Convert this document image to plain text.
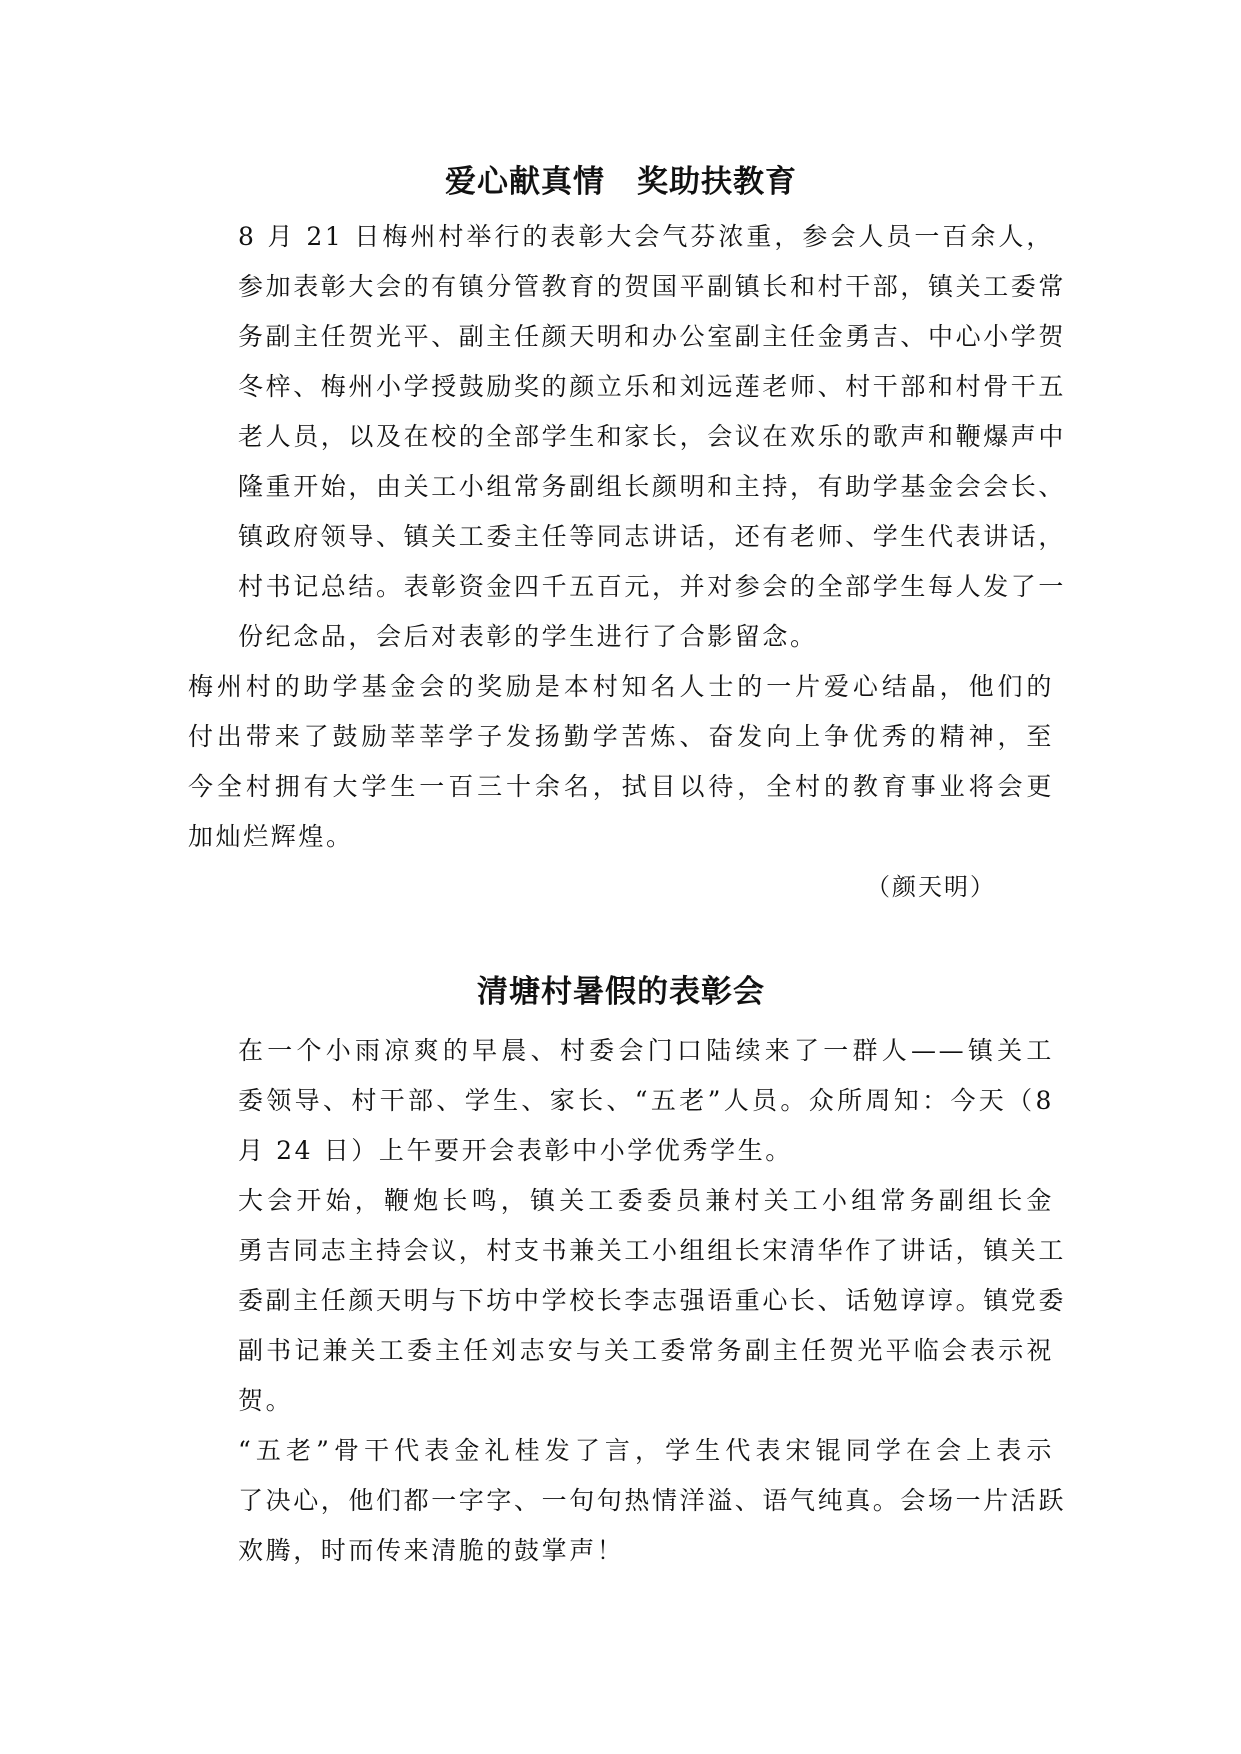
爱心献真情　奖助扶教育

8 月 21 日梅州村举行的表彰大会气芬浓重，参会人员一百余人，
参加表彰大会的有镇分管教育的贺国平副镇长和村干部，镇关工委常
务副主任贺光平、副主任颜天明和办公室副主任金勇吉、中心小学贺
冬梓、梅州小学授鼓励奖的颜立乐和刘远莲老师、村干部和村骨干五
老人员，以及在校的全部学生和家长，会议在欢乐的歌声和鞭爆声中
隆重开始，由关工小组常务副组长颜明和主持，有助学基金会会长、
镇政府领导、镇关工委主任等同志讲话，还有老师、学生代表讲话，
村书记总结。表彰资金四千五百元，并对参会的全部学生每人发了一
份纪念品，会后对表彰的学生进行了合影留念。

梅州村的助学基金会的奖励是本村知名人士的一片爱心结晶，他们的
付出带来了鼓励莘莘学子发扬勤学苦炼、奋发向上争优秀的精神，至
今全村拥有大学生一百三十余名，拭目以待，全村的教育事业将会更
加灿烂辉煌。

（颜天明）

清塘村暑假的表彰会

在一个小雨凉爽的早晨、村委会门口陆续来了一群人——镇关工
委领导、村干部、学生、家长、“五老”人员。众所周知：今天（8
月 24 日）上午要开会表彰中小学优秀学生。

大会开始，鞭炮长鸣，镇关工委委员兼村关工小组常务副组长金
勇吉同志主持会议，村支书兼关工小组组长宋清华作了讲话，镇关工
委副主任颜天明与下坊中学校长李志强语重心长、话勉谆谆。镇党委
副书记兼关工委主任刘志安与关工委常务副主任贺光平临会表示祝
贺。

“五老”骨干代表金礼桂发了言，学生代表宋锟同学在会上表示
了决心，他们都一字字、一句句热情洋溢、语气纯真。会场一片活跃
欢腾，时而传来清脆的鼓掌声！
